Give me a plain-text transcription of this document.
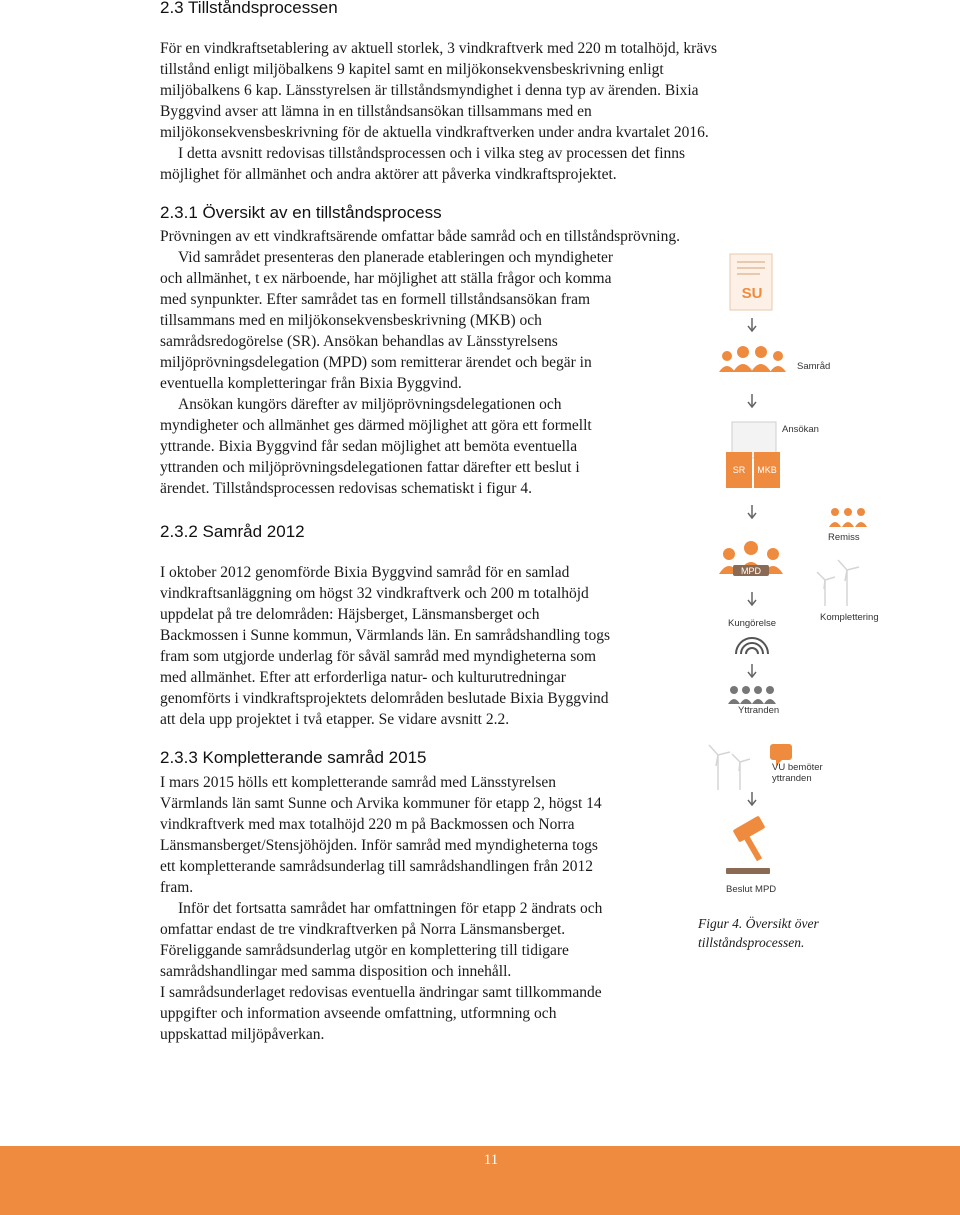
2.3 Tillståndsprocessen
För en vindkraftsetablering av aktuell storlek, 3 vindkraftverk med 220 m totalhöjd, krävs
tillstånd enligt miljöbalkens 9 kapitel samt en miljökonsekvensbeskrivning enligt
miljöbalkens 6 kap. Länsstyrelsen är tillståndsmyndighet i denna typ av ärenden. Bixia
Byggvind avser att lämna in en tillståndsansökan tillsammans med en
miljökonsekvensbeskrivning för de aktuella vindkraftverken under andra kvartalet 2016.
I detta avsnitt redovisas tillståndsprocessen och i vilka steg av processen det finns
möjlighet för allmänhet och andra aktörer att påverka vindkraftsprojektet.
2.3.1 Översikt av en tillståndsprocess
Prövningen av ett vindkraftsärende omfattar både samråd och en tillståndsprövning.
Vid samrådet presenteras den planerade etableringen och myndigheter
och allmänhet, t ex närboende, har möjlighet att ställa frågor och komma
med synpunkter. Efter samrådet tas en formell tillståndsansökan fram
tillsammans med en miljökonsekvensbeskrivning (MKB) och
samrådsredogörelse (SR). Ansökan behandlas av Länsstyrelsens
miljöprövningsdelegation (MPD) som remitterar ärendet och begär in
eventuella kompletteringar från Bixia Byggvind.
Ansökan kungörs därefter av miljöprövningsdelegationen och
myndigheter och allmänhet ges därmed möjlighet att göra ett formellt
yttrande. Bixia Byggvind får sedan möjlighet att bemöta eventuella
yttranden och miljöprövningsdelegationen fattar därefter ett beslut i
ärendet. Tillståndsprocessen redovisas schematiskt i figur 4.
2.3.2 Samråd 2012
I oktober 2012 genomförde Bixia Byggvind samråd för en samlad
vindkraftsanläggning om högst 32 vindkraftverk och 200 m totalhöjd
uppdelat på tre delområden: Häjsberget, Länsmansberget och
Backmossen i Sunne kommun, Värmlands län. En samrådshandling togs
fram som utgjorde underlag för såväl samråd med myndigheterna som
med allmänhet. Efter att erforderliga natur- och kulturutredningar
genomförts i vindkraftsprojektets delområden beslutade Bixia Byggvind
att dela upp projektet i två etapper. Se vidare avsnitt 2.2.
2.3.3 Kompletterande samråd 2015
I mars 2015 hölls ett kompletterande samråd med Länsstyrelsen
Värmlands län samt Sunne och Arvika kommuner för etapp 2, högst 14
vindkraftverk med max totalhöjd 220 m på Backmossen och Norra
Länsmansberget/Stensjöhöjden. Inför samråd med myndigheterna togs
ett kompletterande samrådsunderlag till samrådshandlingen från 2012
fram.
Inför det fortsatta samrådet har omfattningen för etapp 2 ändrats och
omfattar endast de tre vindkraftverken på Norra Länsmansberget.
Föreliggande samrådsunderlag utgör en komplettering till tidigare
samrådshandlingar med samma disposition och innehåll.
I samrådsunderlaget redovisas eventuella ändringar samt tillkommande
uppgifter och information avseende omfattning, utformning och
uppskattad miljöpåverkan.
SU
Samråd
SR MKB
Ansökan
Remiss
MPD
Komplettering
Kungörelse
Yttranden
VU bemöter
yttranden
Beslut MPD
Figur 4. Översikt över
tillståndsprocessen.
11
